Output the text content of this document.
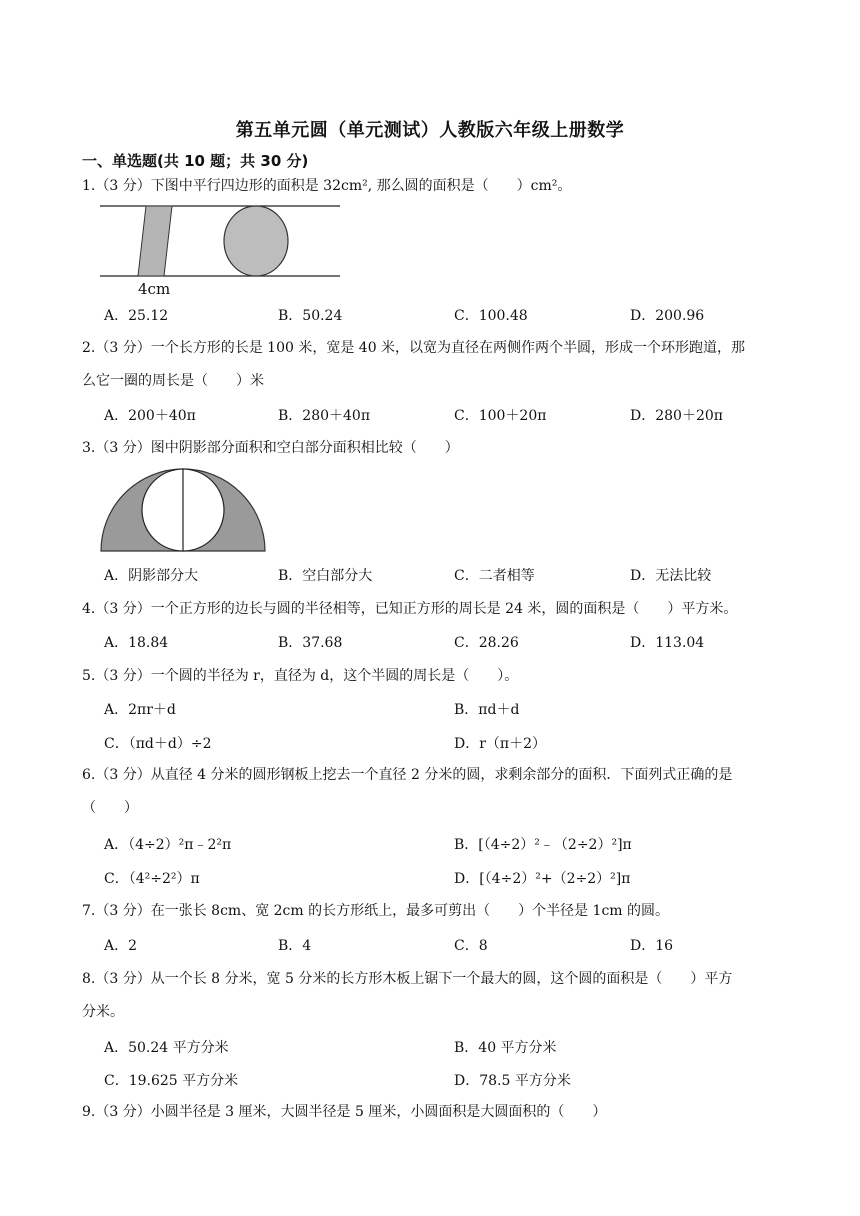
第五单元圆（单元测试）人教版六年级上册数学
一、单选题(共 10 题；共 30 分)
1.（3 分）下图中平行四边形的面积是 32cm², 那么圆的面积是（　　）cm²。
4cm
A．25.12	B．50.24	C．100.48	D．200.96
2.（3 分）一个长方形的长是 100 米，宽是 40 米，以宽为直径在两侧作两个半圆，形成一个环形跑道，那
么它一圈的周长是（　　）米
A．200＋40π	B．280＋40π	C．100＋20π	D．280＋20π
3.（3 分）图中阴影部分面积和空白部分面积相比较（　　）
A．阴影部分大	B．空白部分大	C．二者相等	D．无法比较
4.（3 分）一个正方形的边长与圆的半径相等，已知正方形的周长是 24 米，圆的面积是（　　）平方米。
A．18.84	B．37.68	C．28.26	D．113.04
5.（3 分）一个圆的半径为 r，直径为 d，这个半圆的周长是（　　）。
A．2πr＋d	B．πd＋d
C．（πd＋d）÷2	D．r（π＋2）
6.（3 分）从直径 4 分米的圆形钢板上挖去一个直径 2 分米的圆，求剩余部分的面积．下面列式正确的是
（　　）
A．（4÷2）²π﹣2²π	B．[（4÷2）²﹣（2÷2）²]π
C．（4²÷2²）π	D．[（4÷2）²+（2÷2）²]π
7.（3 分）在一张长 8cm、宽 2cm 的长方形纸上，最多可剪出（　　）个半径是 1cm 的圆。
A．2	B．4	C．8	D．16
8.（3 分）从一个长 8 分米，宽 5 分米的长方形木板上锯下一个最大的圆，这个圆的面积是（　　）平方
分米。
A．50.24 平方分米	B．40 平方分米
C．19.625 平方分米	D．78.5 平方分米
9.（3 分）小圆半径是 3 厘米，大圆半径是 5 厘米，小圆面积是大圆面积的（　　）
